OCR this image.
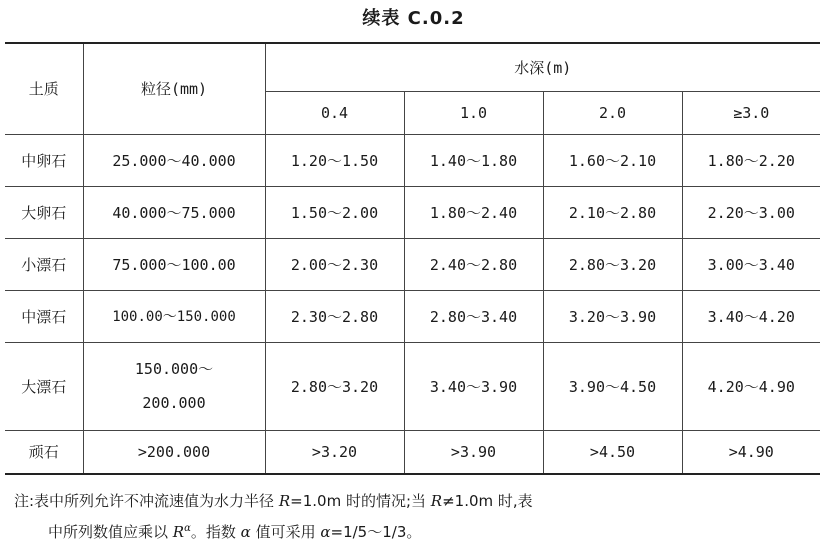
续表 C.0.2
土质	粒径(mm)	水深(m)			
		0.4	1.0	2.0	≥3.0
中卵石	25.000～40.000	1.20～1.50	1.40～1.80	1.60～2.10	1.80～2.20
大卵石	40.000～75.000	1.50～2.00	1.80～2.40	2.10～2.80	2.20～3.00
小漂石	75.000～100.00	2.00～2.30	2.40～2.80	2.80～3.20	3.00～3.40
中漂石	100.00～150.000	2.30～2.80	2.80～3.40	3.20～3.90	3.40～4.20
大漂石	150.000～
200.000	2.80～3.20	3.40～3.90	3.90～4.50	4.20～4.90
顽石	>200.000	>3.20	>3.90	>4.50	>4.90

注:表中所列允许不冲流速值为水力半径 R=1.0m 时的情况;当 R≠1.0m 时,表

中所列数值应乘以 $R^\alpha$。指数 α 值可采用 α=1/5～1/3。
